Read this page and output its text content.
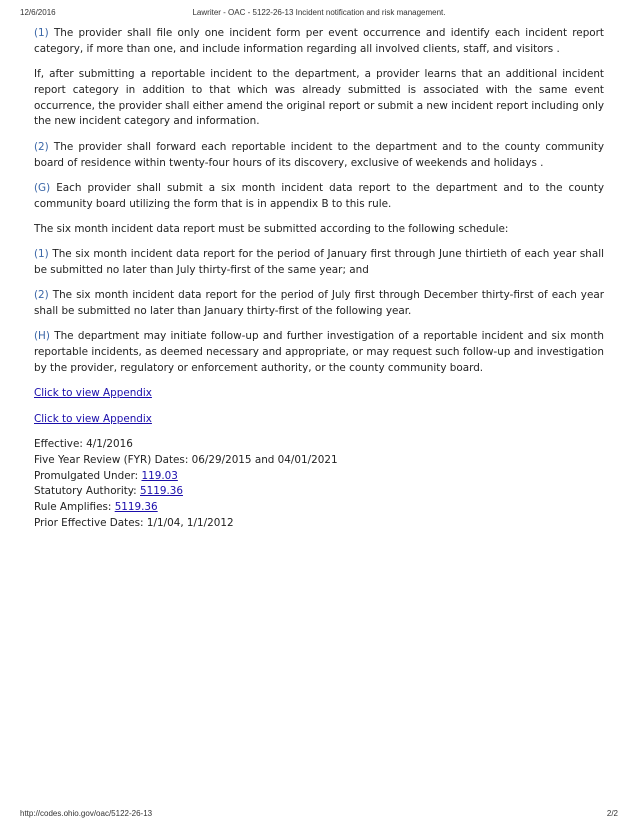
12/6/2016	Lawriter - OAC - 5122-26-13 Incident notification and risk management.

(1) The provider shall file only one incident form per event occurrence and identify each incident report category, if more than one, and include information regarding all involved clients, staff, and visitors .

If, after submitting a reportable incident to the department, a provider learns that an additional incident report category in addition to that which was already submitted is associated with the same event occurrence, the provider shall either amend the original report or submit a new incident report including only the new incident category and information.

(2) The provider shall forward each reportable incident to the department and to the county community board of residence within twenty-four hours of its discovery, exclusive of weekends and holidays .

(G) Each provider shall submit a six month incident data report to the department and to the county community board utilizing the form that is in appendix B to this rule.

The six month incident data report must be submitted according to the following schedule:

(1) The six month incident data report for the period of January first through June thirtieth of each year shall be submitted no later than July thirty-first of the same year; and

(2) The six month incident data report for the period of July first through December thirty-first of each year shall be submitted no later than January thirty-first of the following year.

(H) The department may initiate follow-up and further investigation of a reportable incident and six month reportable incidents, as deemed necessary and appropriate, or may request such follow-up and investigation by the provider, regulatory or enforcement authority, or the county community board.

Click to view Appendix

Click to view Appendix

Effective: 4/1/2016
Five Year Review (FYR) Dates: 06/29/2015 and 04/01/2021
Promulgated Under: 119.03
Statutory Authority: 5119.36
Rule Amplifies: 5119.36
Prior Effective Dates: 1/1/04, 1/1/2012
http://codes.ohio.gov/oac/5122-26-13	2/2
